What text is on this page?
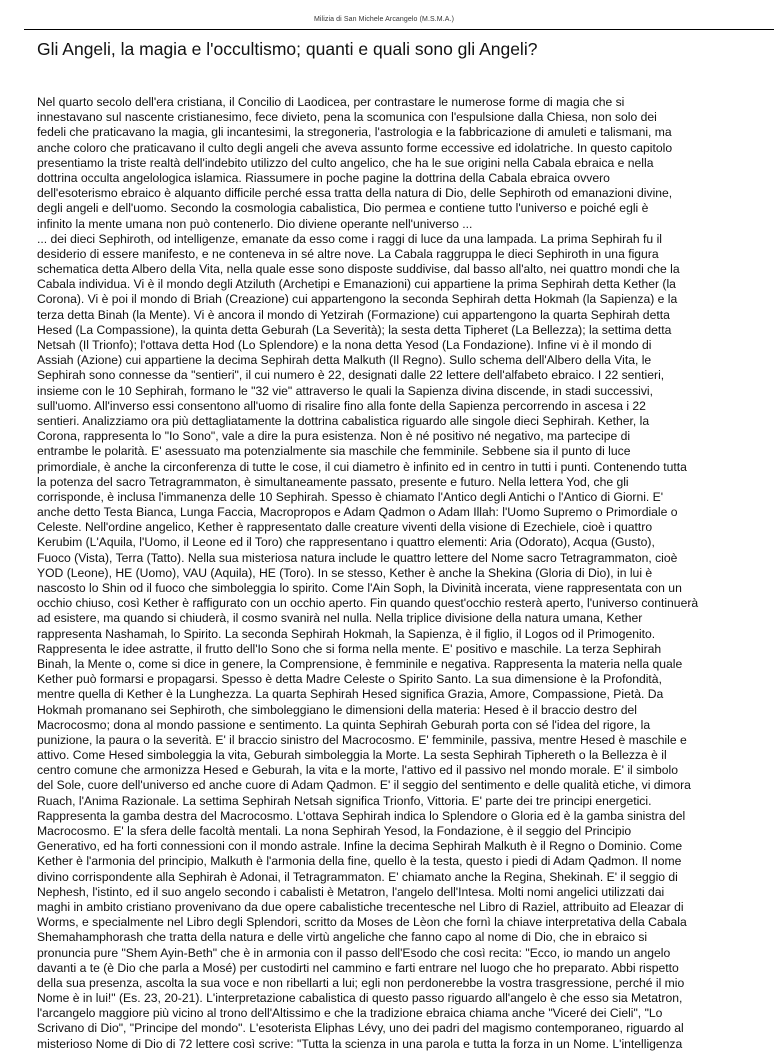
Milizia di San Michele Arcangelo (M.S.M.A.)
Gli Angeli, la magia e l'occultismo; quanti e quali sono gli Angeli?
Nel quarto secolo dell'era cristiana, il Concilio di Laodicea, per contrastare le numerose forme di magia che si
innestavano sul nascente cristianesimo, fece divieto, pena la scomunica con l'espulsione dalla Chiesa, non solo dei
fedeli che praticavano la magia, gli incantesimi, la stregoneria, l'astrologia e la fabbricazione di amuleti e talismani, ma
anche coloro che praticavano il culto degli angeli che aveva assunto forme eccessive ed idolatriche. In questo capitolo
presentiamo la triste realtà dell'indebito utilizzo del culto angelico, che ha le sue origini nella Cabala ebraica e nella
dottrina occulta angelologica islamica. Riassumere in poche pagine la dottrina della Cabala ebraica ovvero
dell'esoterismo ebraico è alquanto difficile perché essa tratta della natura di Dio, delle Sephiroth od emanazioni divine,
degli angeli e dell'uomo. Secondo la cosmologia cabalistica, Dio permea e contiene tutto l'universo e poiché egli è
infinito la mente umana non può contenerlo. Dio diviene operante nell'universo ...
... dei dieci Sephiroth, od intelligenze, emanate da esso come i raggi di luce da una lampada. La prima Sephirah fu il
desiderio di essere manifesto, e ne conteneva in sé altre nove. La Cabala raggruppa le dieci Sephiroth in una figura
schematica detta Albero della Vita, nella quale esse sono disposte suddivise, dal basso all'alto, nei quattro mondi che la
Cabala individua. Vi è il mondo degli Atziluth (Archetipi e Emanazioni) cui appartiene la prima Sephirah detta Kether (la
Corona). Vi è poi il mondo di Briah (Creazione) cui appartengono la seconda Sephirah detta Hokmah (la Sapienza) e la
terza detta Binah (la Mente). Vi è ancora il mondo di Yetzirah (Formazione) cui appartengono la quarta Sephirah detta
Hesed (La Compassione), la quinta detta Geburah (La Severità); la sesta detta Tipheret (La Bellezza); la settima detta
Netsah (Il Trionfo); l'ottava detta Hod (Lo Splendore) e la nona detta Yesod (La Fondazione). Infine vi è il mondo di
Assiah (Azione) cui appartiene la decima Sephirah detta Malkuth (Il Regno). Sullo schema dell'Albero della Vita, le
Sephirah sono connesse da "sentieri", il cui numero è 22, designati dalle 22 lettere dell'alfabeto ebraico. I 22 sentieri,
insieme con le 10 Sephirah, formano le "32 vie" attraverso le quali la Sapienza divina discende, in stadi successivi,
sull'uomo. All'inverso essi consentono all'uomo di risalire fino alla fonte della Sapienza percorrendo in ascesa i 22
sentieri. Analizziamo ora più dettagliatamente la dottrina cabalistica riguardo alle singole dieci Sephirah. Kether, la
Corona, rappresenta lo "Io Sono", vale a dire la pura esistenza. Non è né positivo né negativo, ma partecipe di
entrambe le polarità. E' asessuato ma potenzialmente sia maschile che femminile. Sebbene sia il punto di luce
primordiale, è anche la circonferenza di tutte le cose, il cui diametro è infinito ed in centro in tutti i punti. Contenendo tutta
la potenza del sacro Tetragrammaton, è simultaneamente passato, presente e futuro. Nella lettera Yod, che gli
corrisponde, è inclusa l'immanenza delle 10 Sephirah. Spesso è chiamato l'Antico degli Antichi o l'Antico di Giorni. E'
anche detto Testa Bianca, Lunga Faccia, Macropropos e Adam Qadmon o Adam Illah: l'Uomo Supremo o Primordiale o
Celeste. Nell'ordine angelico, Kether è rappresentato dalle creature viventi della visione di Ezechiele, cioè i quattro
Kerubim (L'Aquila, l'Uomo, il Leone ed il Toro) che rappresentano i quattro elementi: Aria (Odorato), Acqua (Gusto),
Fuoco (Vista), Terra (Tatto). Nella sua misteriosa natura include le quattro lettere del Nome sacro Tetragrammaton, cioè
YOD (Leone), HE (Uomo), VAU (Aquila), HE (Toro). In se stesso, Kether è anche la Shekina (Gloria di Dio), in lui è
nascosto lo Shin od il fuoco che simboleggia lo spirito. Come l'Ain Soph, la Divinità incerata, viene rappresentata con un
occhio chiuso, così Kether è raffigurato con un occhio aperto. Fin quando quest'occhio resterà aperto, l'universo continuerà
ad esistere, ma quando si chiuderà, il cosmo svanirà nel nulla. Nella triplice divisione della natura umana, Kether
rappresenta Nashamah, lo Spirito. La seconda Sephirah Hokmah, la Sapienza, è il figlio, il Logos od il Primogenito.
Rappresenta le idee astratte, il frutto dell'Io Sono che si forma nella mente. E' positivo e maschile. La terza Sephirah
Binah, la Mente o, come si dice in genere, la Comprensione, è femminile e negativa. Rappresenta la materia nella quale
Kether può formarsi e propagarsi. Spesso è detta Madre Celeste o Spirito Santo. La sua dimensione è la Profondità,
mentre quella di Kether è la Lunghezza. La quarta Sephirah Hesed significa Grazia, Amore, Compassione, Pietà. Da
Hokmah promanano sei Sephiroth, che simboleggiano le dimensioni della materia: Hesed è il braccio destro del
Macrocosmo; dona al mondo passione e sentimento. La quinta Sephirah Geburah porta con sé l'idea del rigore, la
punizione, la paura o la severità. E' il braccio sinistro del Macrocosmo. E' femminile, passiva, mentre Hesed è maschile e
attivo. Come Hesed simboleggia la vita, Geburah simboleggia la Morte. La sesta Sephirah Tiphereth o la Bellezza è il
centro comune che armonizza Hesed e Geburah, la vita e la morte, l'attivo ed il passivo nel mondo morale. E' il simbolo
del Sole, cuore dell'universo ed anche cuore di Adam Qadmon. E' il seggio del sentimento e delle qualità etiche, vi dimora
Ruach, l'Anima Razionale. La settima Sephirah Netsah significa Trionfo, Vittoria. E' parte dei tre principi energetici.
Rappresenta la gamba destra del Macrocosmo. L'ottava Sephirah indica lo Splendore o Gloria ed è la gamba sinistra del
Macrocosmo. E' la sfera delle facoltà mentali. La nona Sephirah Yesod, la Fondazione, è il seggio del Principio
Generativo, ed ha forti connessioni con il mondo astrale. Infine la decima Sephirah Malkuth è il Regno o Dominio. Come
Kether è l'armonia del principio, Malkuth è l'armonia della fine, quello è la testa, questo i piedi di Adam Qadmon. Il nome
divino corrispondente alla Sephirah è Adonai, il Tetragrammaton. E' chiamato anche la Regina, Shekinah. E' il seggio di
Nephesh, l'istinto, ed il suo angelo secondo i cabalisti è Metatron, l'angelo dell'Intesa. Molti nomi angelici utilizzati dai
maghi in ambito cristiano provenivano da due opere cabalistiche trecentesche nel Libro di Raziel, attribuito ad Eleazar di
Worms, e specialmente nel Libro degli Splendori, scritto da Moses de Lèon che fornì la chiave interpretativa della Cabala
Shemahamphorash che tratta della natura e delle virtù angeliche che fanno capo al nome di Dio, che in ebraico si
pronuncia pure "Shem Ayin-Beth" che è in armonia con il passo dell'Esodo che così recita: "Ecco, io mando un angelo
davanti a te (è Dio che parla a Mosé) per custodirti nel cammino e farti entrare nel luogo che ho preparato. Abbi rispetto
della sua presenza, ascolta la sua voce e non ribellarti a lui; egli non perdonerebbe la vostra trasgressione, perché il mio
Nome è in lui!" (Es. 23, 20-21). L'interpretazione cabalistica di questo passo riguardo all'angelo è che esso sia Metatron,
l'arcangelo maggiore più vicino al trono dell'Altissimo e che la tradizione ebraica chiama anche "Viceré dei Cieli", "Lo
Scrivano di Dio", "Principe del mondo". L'esoterista Eliphas Lévy, uno dei padri del magismo contemporaneo, riguardo al
misterioso Nome di Dio di 72 lettere così scrive: "Tutta la scienza in una parola e tutta la forza in un Nome. L'intelligenza
